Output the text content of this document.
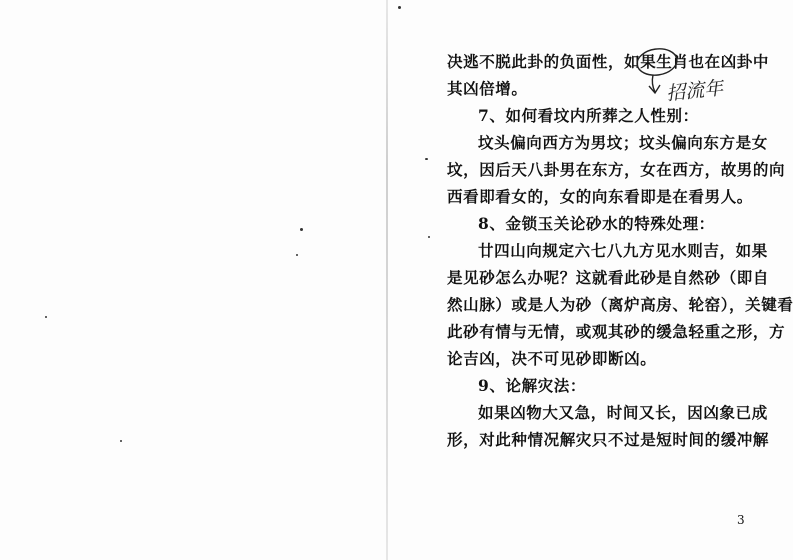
决逃不脱此卦的负面性，如果生肖也在凶卦中
其凶倍增。
7、如何看坟内所葬之人性别：
坟头偏向西方为男坟；坟头偏向东方是女
坟，因后天八卦男在东方，女在西方，故男的向
西看即看女的，女的向东看即是在看男人。
8、金锁玉关论砂水的特殊处理：
廿四山向规定六七八九方见水则吉，如果
是见砂怎么办呢？这就看此砂是自然砂（即自
然山脉）或是人为砂（离炉高房、轮窑），关键看
此砂有情与无情，或观其砂的缓急轻重之形，方
论吉凶，决不可见砂即断凶。
9、论解灾法：
如果凶物大又急，时间又长，因凶象已成
形，对此种情况解灾只不过是短时间的缓冲解
招流年
3
